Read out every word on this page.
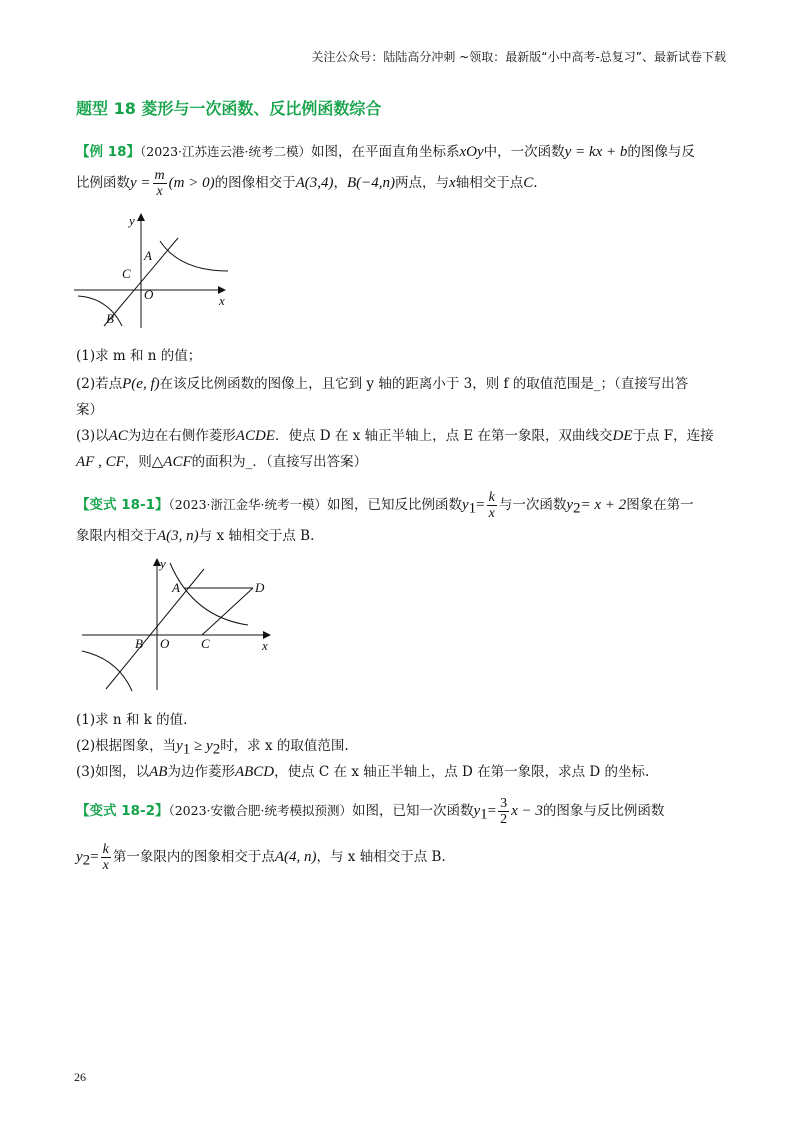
关注公众号：陆陆高分冲刺 ~领取：最新版“小中高考-总复习”、最新试卷下载
题型 18 菱形与一次函数、反比例函数综合
【例 18】（2023·江苏连云港·统考二模）如图，在平面直角坐标系xOy中，一次函数y = kx + b的图像与反
比例函数$y = \frac{m}{x} (m > 0)$的图像相交于A(3,4)，B(−4,n)两点，与x轴相交于点C.
y
x
A
B
C
O
(1)求 m 和 n 的值；
(2)若点P(e, f)在该反比例函数的图像上，且它到 y 轴的距离小于 3，则 f 的取值范围是_；（直接写出答
案）
(3)以AC为边在右侧作菱形ACDE．使点 D 在 x 轴正半轴上，点 E 在第一象限，双曲线交DE于点 F，连接
AF , CF，则△ACF的面积为_．（直接写出答案）
【变式 18-1】（2023·浙江金华·统考一模）如图，已知反比例函数$y_1= \frac{k}{x}$ 与一次函数$y_2= x + 2$图象在第一
象限内相交于A(3, n)与 x 轴相交于点 B.
y
x
A
B	C
D
O
(1)求 n 和 k 的值.
(2)根据图象，当$y_1 \ge y_2$时，求 x 的取值范围.
(3)如图，以AB为边作菱形ABCD，使点 C 在 x 轴正半轴上，点 D 在第一象限，求点 D 的坐标.
【变式 18-2】（2023·安徽合肥·统考模拟预测）如图，已知一次函数$y_1= \frac{3}{2}$ x − 3的图象与反比例函数
$y_2= \frac{k}{x}$ 第一象限内的图象相交于点A(4, n)，与 x 轴相交于点 B.
26
